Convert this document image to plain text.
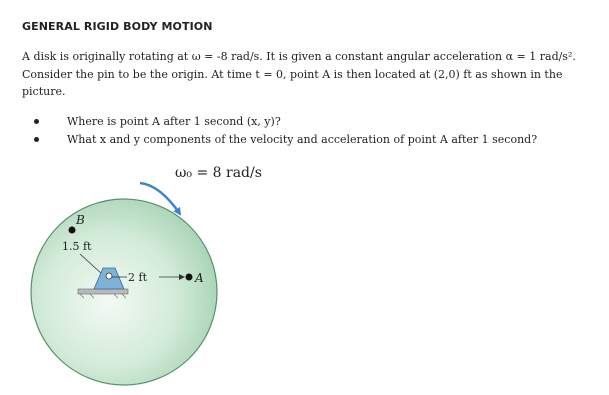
GENERAL RIGID BODY MOTION
A disk is originally rotating at ω = -8 rad/s. It is given a constant angular acceleration α = 1 rad/s².
Consider the pin to be the origin. At time t = 0, point A is then located at (2,0) ft as shown in the
picture.
Where is point A after 1 second (x, y)?
What x and y components of the velocity and acceleration of point A after 1 second?
ω₀ = 8 rad/s
B
1.5 ft
2 ft	A
